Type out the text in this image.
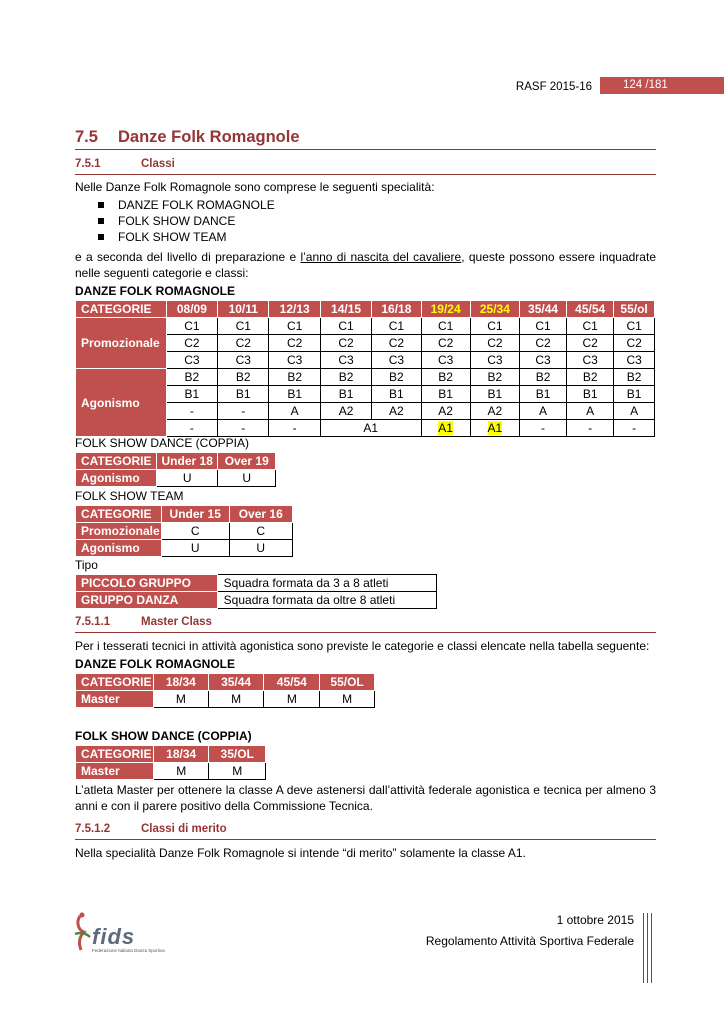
RASF 2015-16	124 /181
7.5 Danze Folk Romagnole
7.5.1	Classi
Nelle Danze Folk Romagnole sono comprese le seguenti specialità:
DANZE FOLK ROMAGNOLE
FOLK SHOW DANCE
FOLK SHOW TEAM
e a seconda del livello di preparazione e l’anno di nascita del cavaliere, queste possono essere inquadrate nelle seguenti categorie e classi:
DANZE FOLK ROMAGNOLE
CATEGORIE	08/09	10/11	12/13	14/15	16/18	19/24	25/34	35/44	45/54	55/ol
Promozionale	C1	C1	C1	C1	C1	C1	C1	C1	C1	C1
	C2	C2	C2	C2	C2	C2	C2	C2	C2	C2
	C3	C3	C3	C3	C3	C3	C3	C3	C3	C3
Agonismo	B2	B2	B2	B2	B2	B2	B2	B2	B2	B2
	B1	B1	B1	B1	B1	B1	B1	B1	B1	B1
	-	-	A	A2	A2	A2	A2	A	A	A
	-	-	-	A1		A1	A1	-	-	-
FOLK SHOW DANCE (COPPIA)
CATEGORIE	Under 18	Over 19
Agonismo	U	U
FOLK SHOW TEAM
CATEGORIE	Under 15	Over 16
Promozionale	C	C
Agonismo	U	U
Tipo
PICCOLO GRUPPO	Squadra formata da 3 a 8 atleti
GRUPPO DANZA	Squadra formata da oltre 8 atleti
7.5.1.1	Master Class
Per i tesserati tecnici in attività agonistica sono previste le categorie e classi elencate nella tabella seguente:
DANZE FOLK ROMAGNOLE
CATEGORIE	18/34	35/44	45/54	55/OL
Master	M	M	M	M
FOLK SHOW DANCE (COPPIA)
CATEGORIE	18/34	35/OL
Master	M	M
L’atleta Master per ottenere la classe A deve astenersi dall’attività federale agonistica e tecnica per almeno 3 anni e con il parere positivo della Commissione Tecnica.
7.5.1.2	Classi di merito
Nella specialità Danze Folk Romagnole si intende “di merito” solamente la classe A1.
fids
Federazione Italiana Danza Sportiva
1 ottobre 2015
Regolamento Attività Sportiva Federale
